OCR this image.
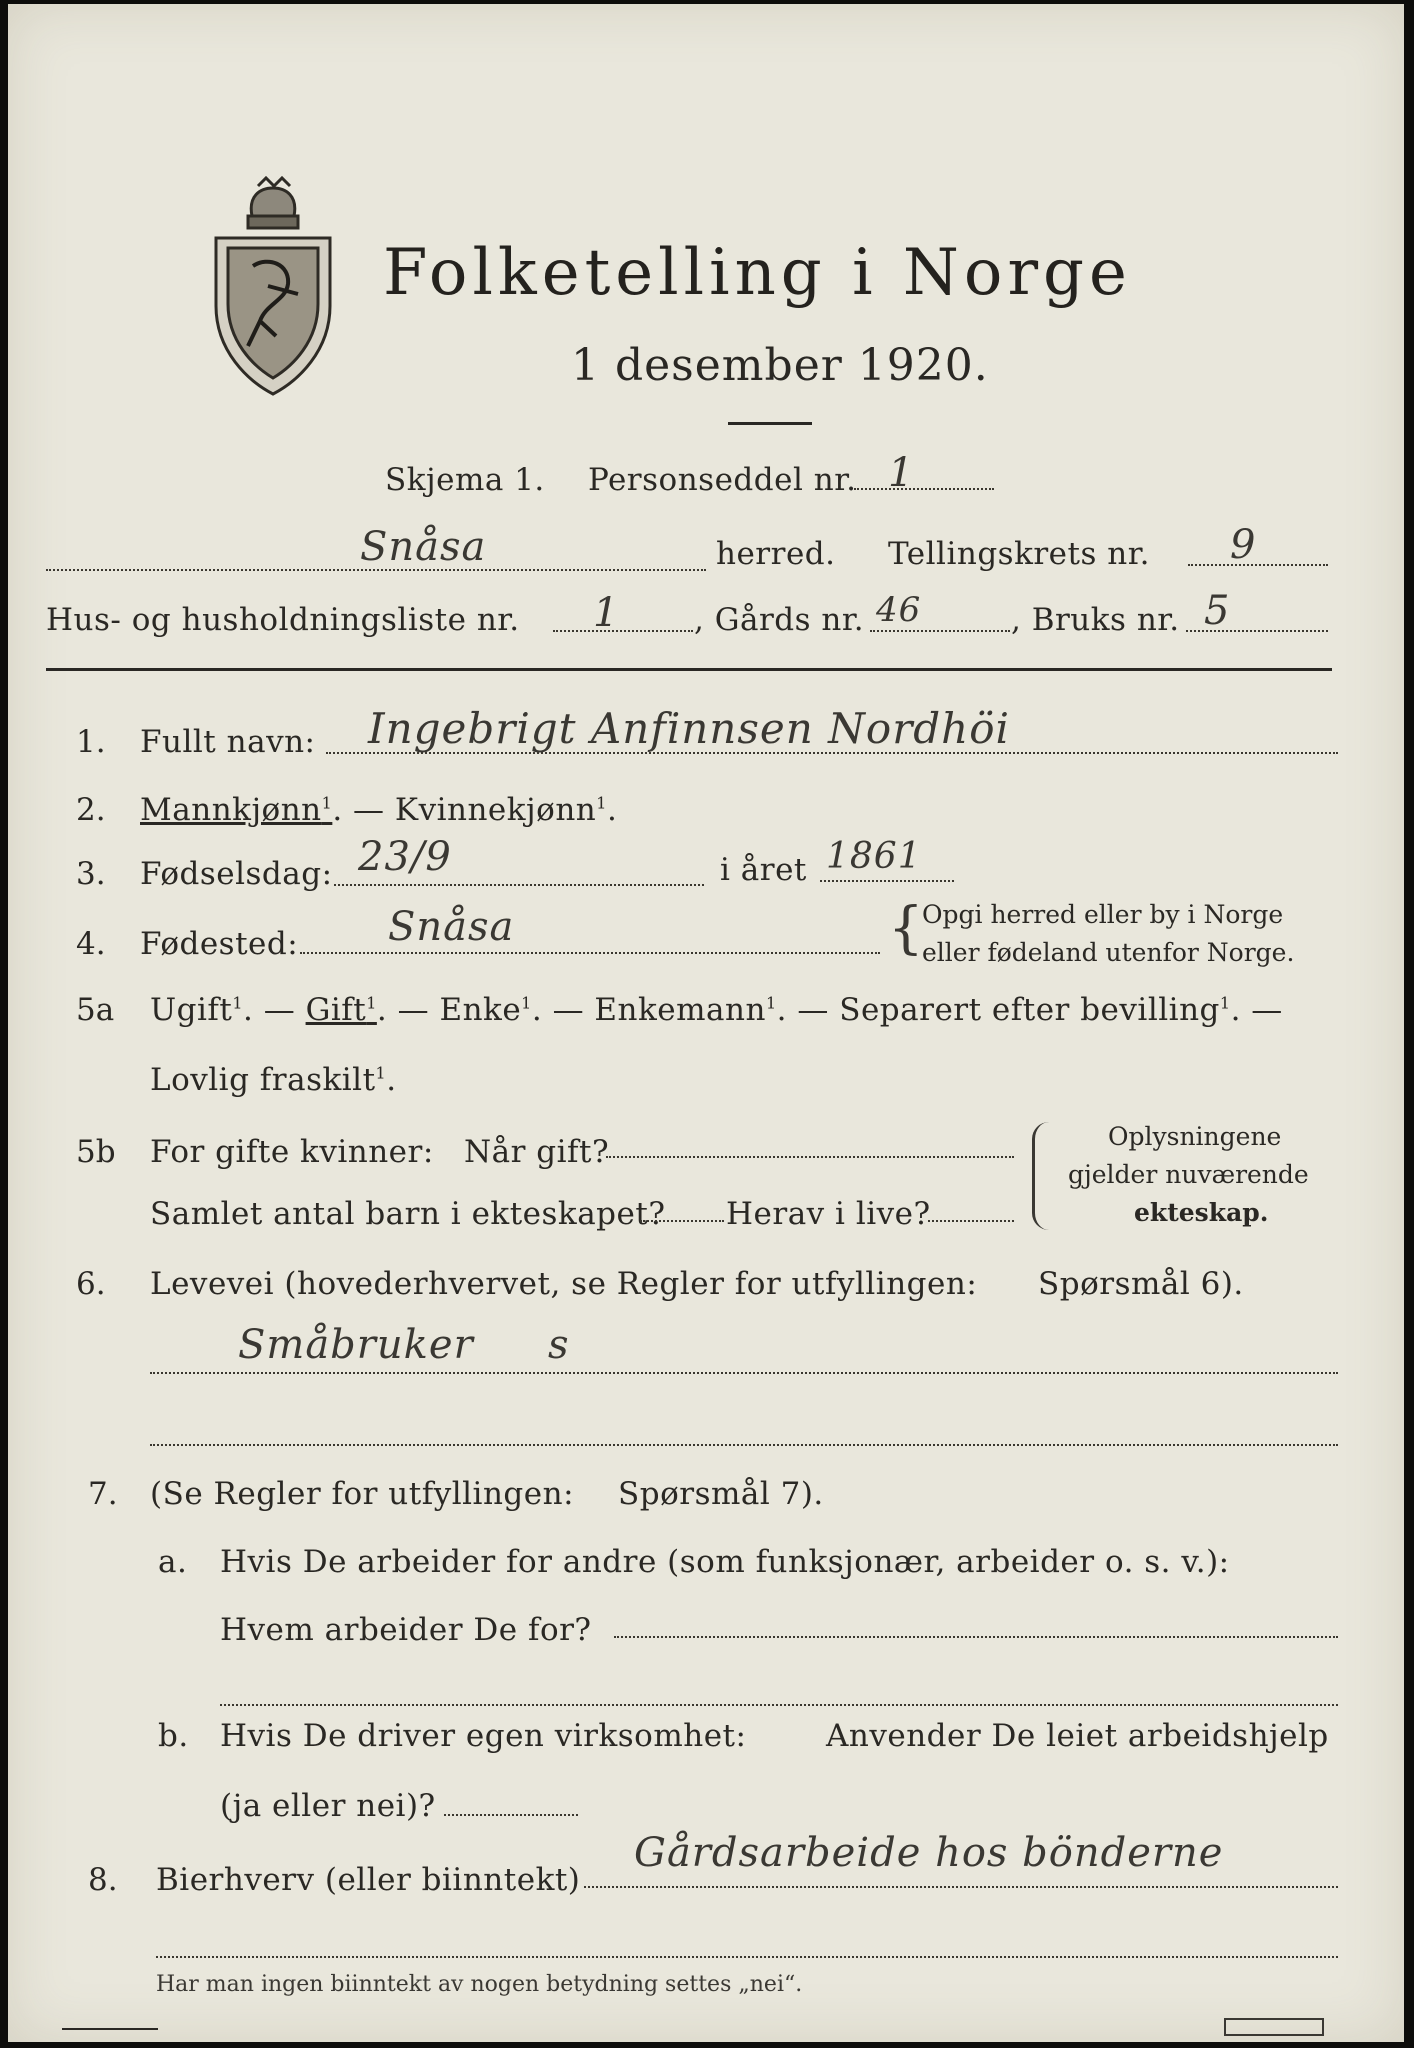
Folketelling i Norge
1 desember 1920.
Skjema 1. Personseddel nr. 1
Snåsa	herred. Tellingskrets nr. 9
Hus- og husholdningsliste nr. 1 , Gårds nr. 46	, Bruks nr. 5
1. Fullt navn: Ingebrigt Anfinnsen Nordhöi
2. Mannkjønn$^1$. — Kvinnekjønn$^1$.
3. Fødselsdag: 23/9	i året 1861
4. Fødested: Snåsa	{
Opgi herred eller by i Norge
eller fødeland utenfor Norge.
5a Ugift$^1$. — Gift$^1$. — Enke$^1$. — Enkemann$^1$. — Separert efter bevilling$^1$. —
Lovlig fraskilt$^1$.
5b For gifte kvinner: Når gift?
Samlet antal barn i ekteskapet? Herav i live?
Oplysningene
gjelder nuværende
ekteskap.
6. Levevei (hovederhvervet, se Regler for utfyllingen: Spørsmål 6).
Småbruker s
7. (Se Regler for utfyllingen: Spørsmål 7).
a. Hvis De arbeider for andre (som funksjonær, arbeider o. s. v.):
Hvem arbeider De for?
b. Hvis De driver egen virksomhet:	Anvender De leiet arbeidshjelp
(ja eller nei)?
8. Bierhverv (eller biinntekt)
Gårdsarbeide hos bönderne
Har man ingen biinntekt av nogen betydning settes „nei“.
